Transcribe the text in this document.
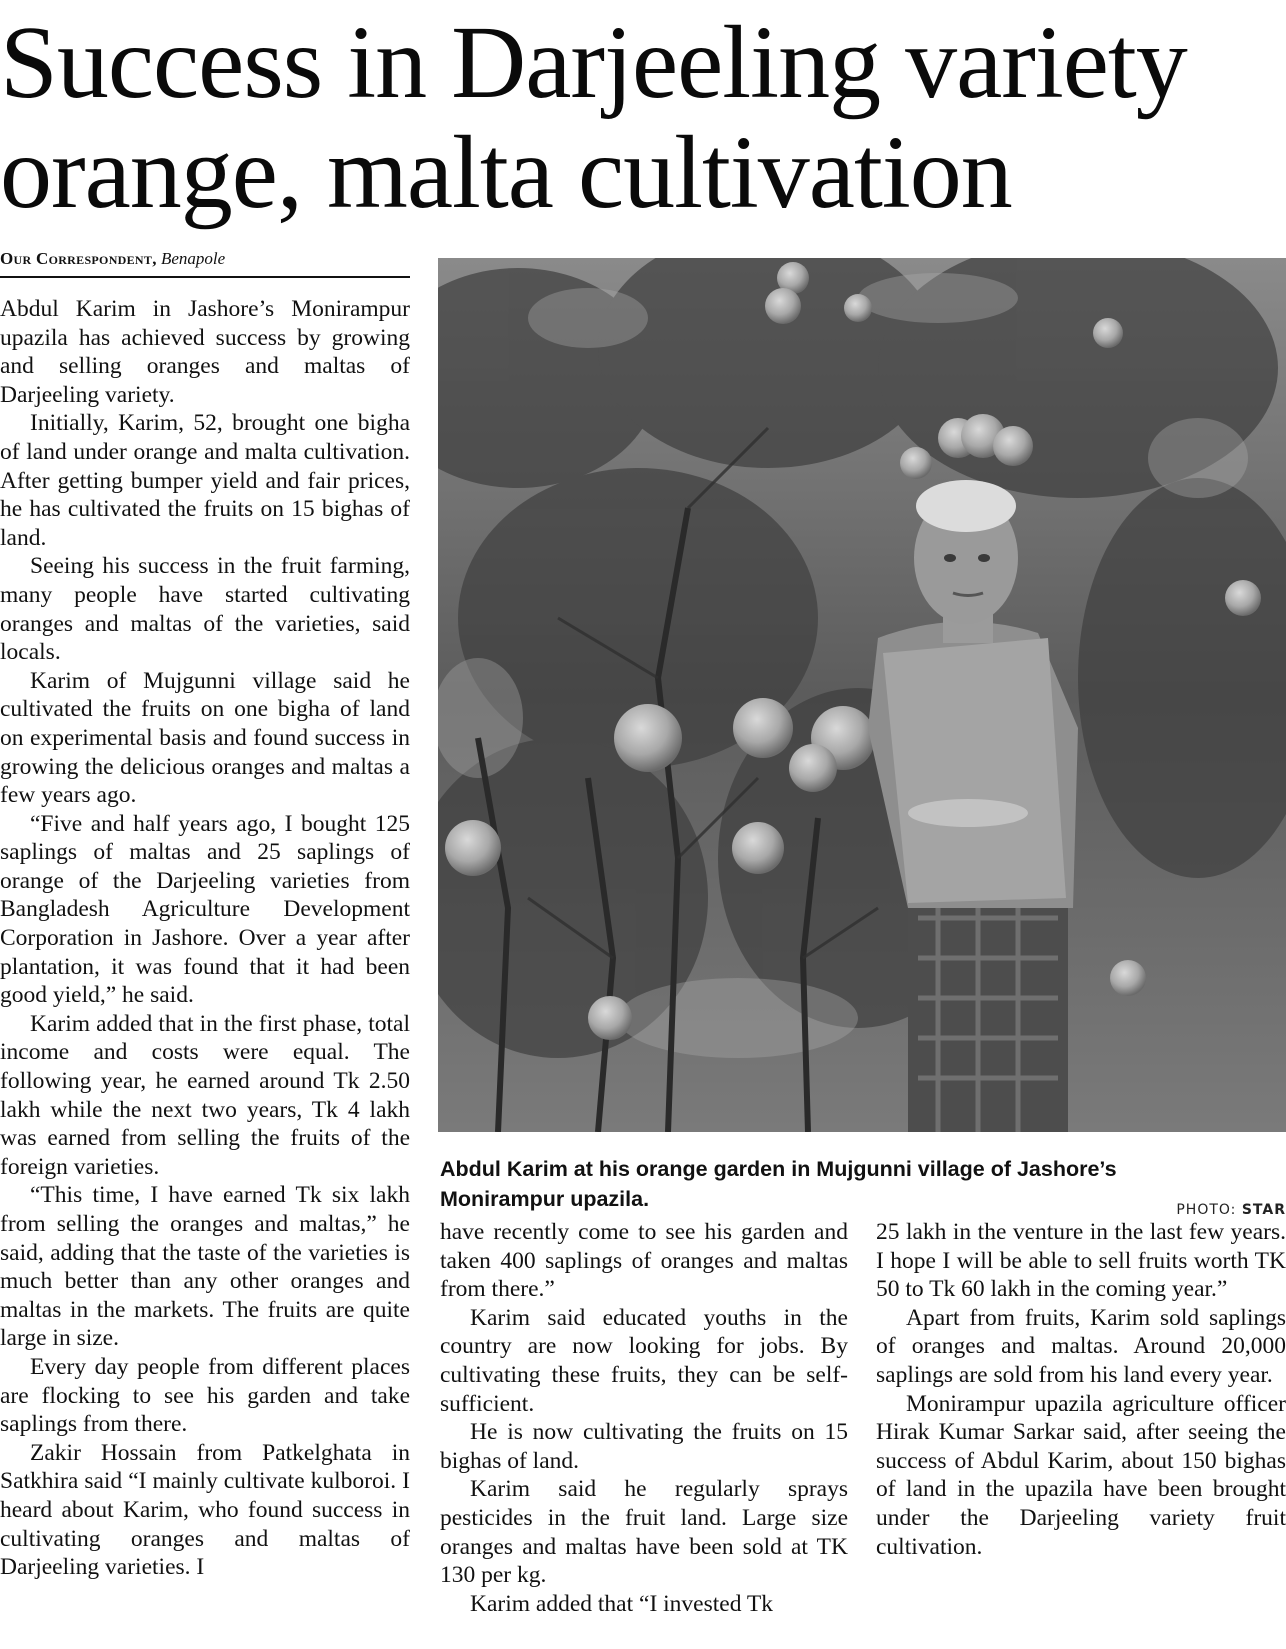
Success in Darjeeling variety
orange, malta cultivation
Our Correspondent, Benapole

Abdul Karim in Jashore’s Monirampur upazila has achieved success by growing and selling oranges and maltas of Darjeeling variety.

Initially, Karim, 52, brought one bigha of land under orange and malta cultivation. After getting bumper yield and fair prices, he has cultivated the fruits on 15 bighas of land.

Seeing his success in the fruit farming, many people have started cultivating oranges and maltas of the varieties, said locals.

Karim of Mujgunni village said he cultivated the fruits on one bigha of land on experimental basis and found success in growing the delicious oranges and maltas a few years ago.

“Five and half years ago, I bought 125 saplings of maltas and 25 saplings of orange of the Darjeeling varieties from Bangladesh Agriculture Development Corporation in Jashore. Over a year after plantation, it was found that it had been good yield,” he said.

Karim added that in the first phase, total income and costs were equal. The following year, he earned around Tk 2.50 lakh while the next two years, Tk 4 lakh was earned from selling the fruits of the foreign varieties.

“This time, I have earned Tk six lakh from selling the oranges and maltas,” he said, adding that the taste of the varieties is much better than any other oranges and maltas in the markets. The fruits are quite large in size.

Every day people from different places are flocking to see his garden and take saplings from there.

Zakir Hossain from Patkelghata in Satkhira said “I mainly cultivate kulboroi. I heard about Karim, who found success in cultivating oranges and maltas of Darjeeling varieties. I

Abdul Karim at his orange garden in Mujgunni village of Jashore’s
Monirampur upazila.	PHOTO: STAR

have recently come to see his garden and taken 400 saplings of oranges and maltas from there.”

Karim said educated youths in the country are now looking for jobs. By cultivating these fruits, they can be self-sufficient.

He is now cultivating the fruits on 15 bighas of land.

Karim said he regularly sprays pesticides in the fruit land. Large size oranges and maltas have been sold at TK 130 per kg.

Karim added that “I invested Tk

25 lakh in the venture in the last few years. I hope I will be able to sell fruits worth TK 50 to Tk 60 lakh in the coming year.”

Apart from fruits, Karim sold saplings of oranges and maltas. Around 20,000 saplings are sold from his land every year.

Monirampur upazila agriculture officer Hirak Kumar Sarkar said, after seeing the success of Abdul Karim, about 150 bighas of land in the upazila have been brought under the Darjeeling variety fruit cultivation.
